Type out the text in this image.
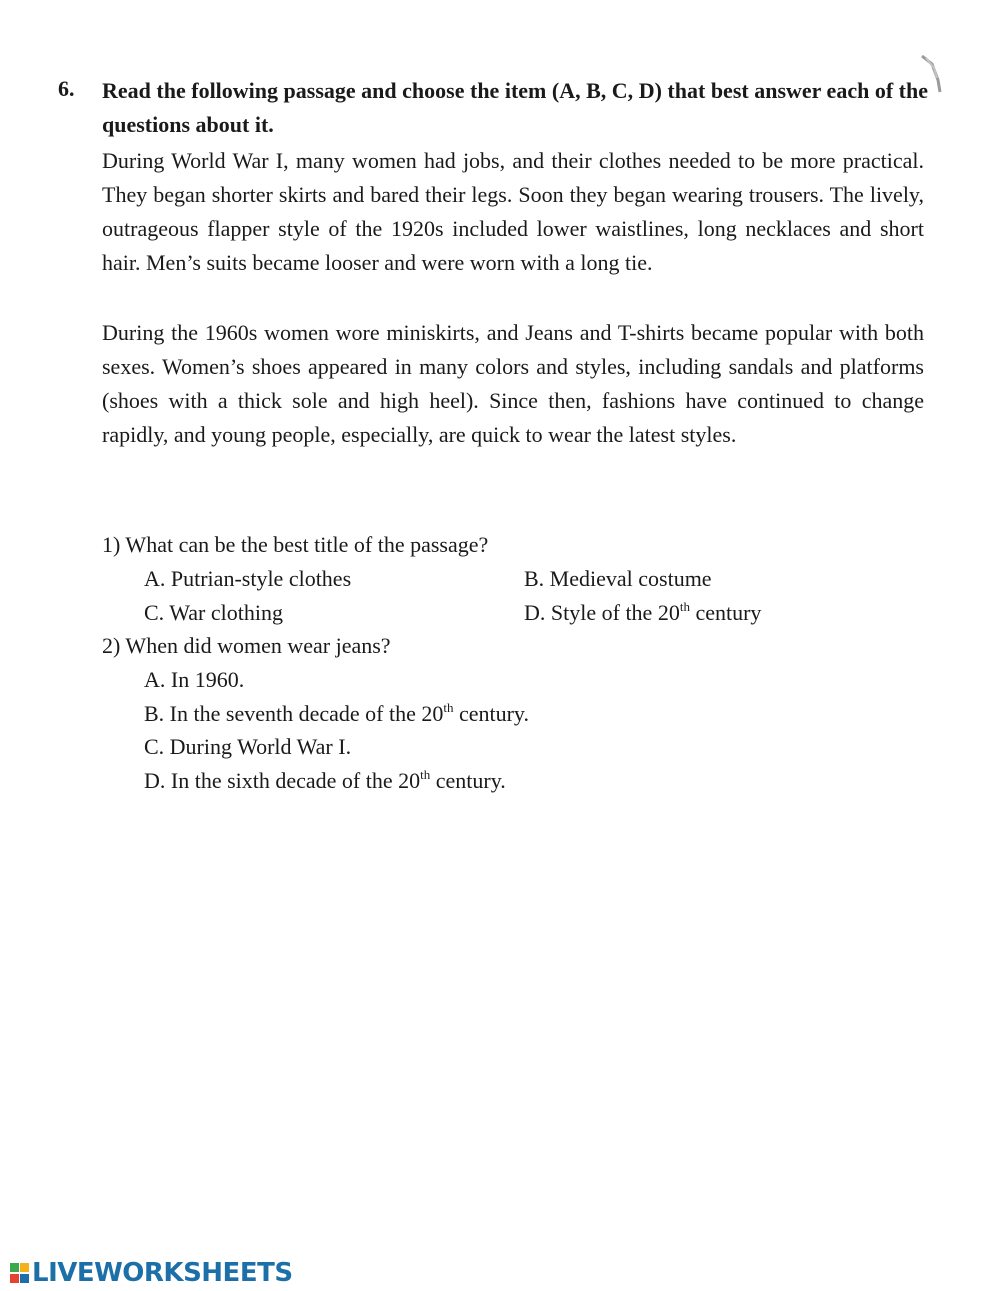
6. Read the following passage and choose the item (A, B, C, D) that best answer each of the questions about it.

During World War I, many women had jobs, and their clothes needed to be more practical. They began shorter skirts and bared their legs. Soon they began wearing trousers. The lively, outrageous flapper style of the 1920s included lower waistlines, long necklaces and short hair. Men’s suits became looser and were worn with a long tie.

During the 1960s women wore miniskirts, and Jeans and T-shirts became popular with both sexes. Women’s shoes appeared in many colors and styles, including sandals and platforms (shoes with a thick sole and high heel). Since then, fashions have continued to change rapidly, and young people, especially, are quick to wear the latest styles.

1) What can be the best title of the passage?
A. Putrian-style clothes	B. Medieval costume
C. War clothing	D. Style of the 20th century
2) When did women wear jeans?
A. In 1960.
B. In the seventh decade of the 20th century.
C. During World War I.
D. In the sixth decade of the 20th century.
LIVEWORKSHEETS
